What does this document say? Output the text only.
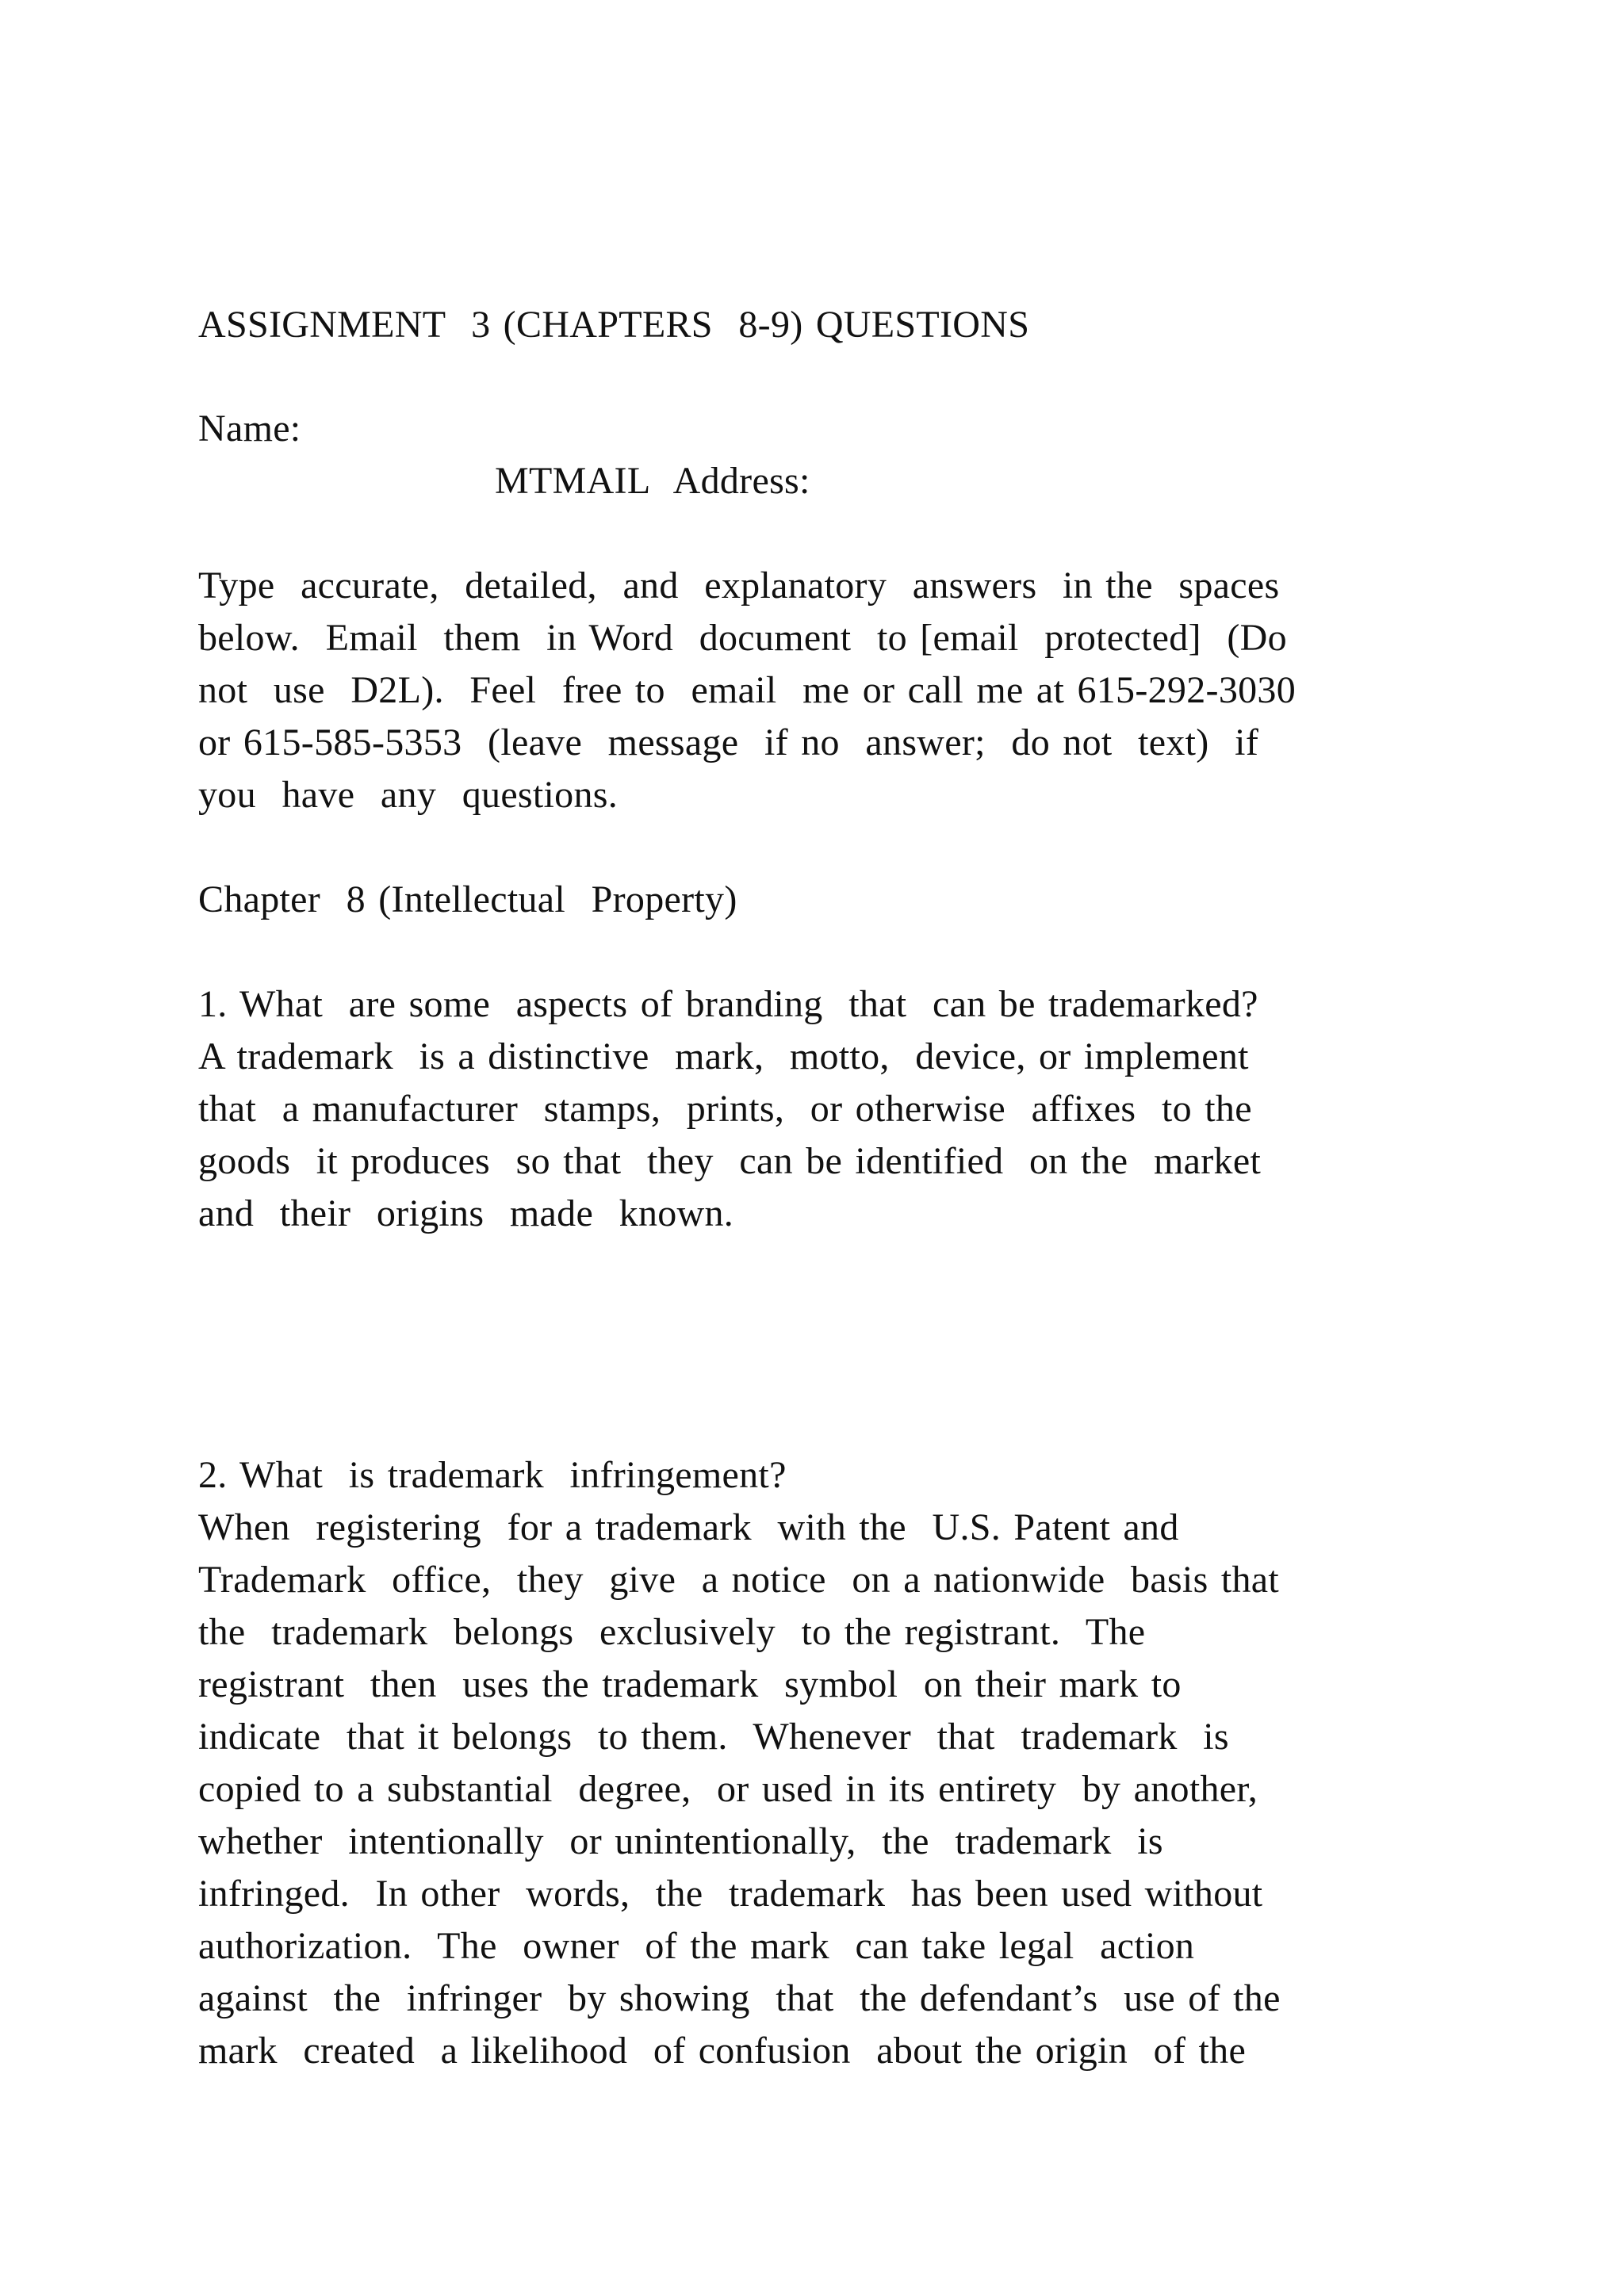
ASSIGNMENT  3 (CHAPTERS  8-9) QUESTIONS

Name:

MTMAIL  Address:

Type  accurate,  detailed,  and  explanatory  answers  in the  spaces

below.  Email  them  in Word  document  to [email  protected]  (Do

not  use  D2L).  Feel  free to  email  me or call me at 615-292-3030

or 615-585-5353  (leave  message  if no  answer;  do not  text)  if

you  have  any  questions.

Chapter  8 (Intellectual  Property)

1. What  are some  aspects of branding  that  can be trademarked?

A trademark  is a distinctive  mark,  motto,  device, or implement

that  a manufacturer  stamps,  prints,  or otherwise  affixes  to the

goods  it produces  so that  they  can be identified  on the  market

and  their  origins  made  known.

2. What  is trademark  infringement?

When  registering  for a trademark  with the  U.S. Patent and

Trademark  office,  they  give  a notice  on a nationwide  basis that

the  trademark  belongs  exclusively  to the registrant.  The

registrant  then  uses the trademark  symbol  on their mark to

indicate  that it belongs  to them.  Whenever  that  trademark  is

copied to a substantial  degree,  or used in its entirety  by another,

whether  intentionally  or unintentionally,  the  trademark  is

infringed.  In other  words,  the  trademark  has been used without

authorization.  The  owner  of the mark  can take legal  action

against  the  infringer  by showing  that  the defendant’s  use of the

mark  created  a likelihood  of confusion  about the origin  of the
